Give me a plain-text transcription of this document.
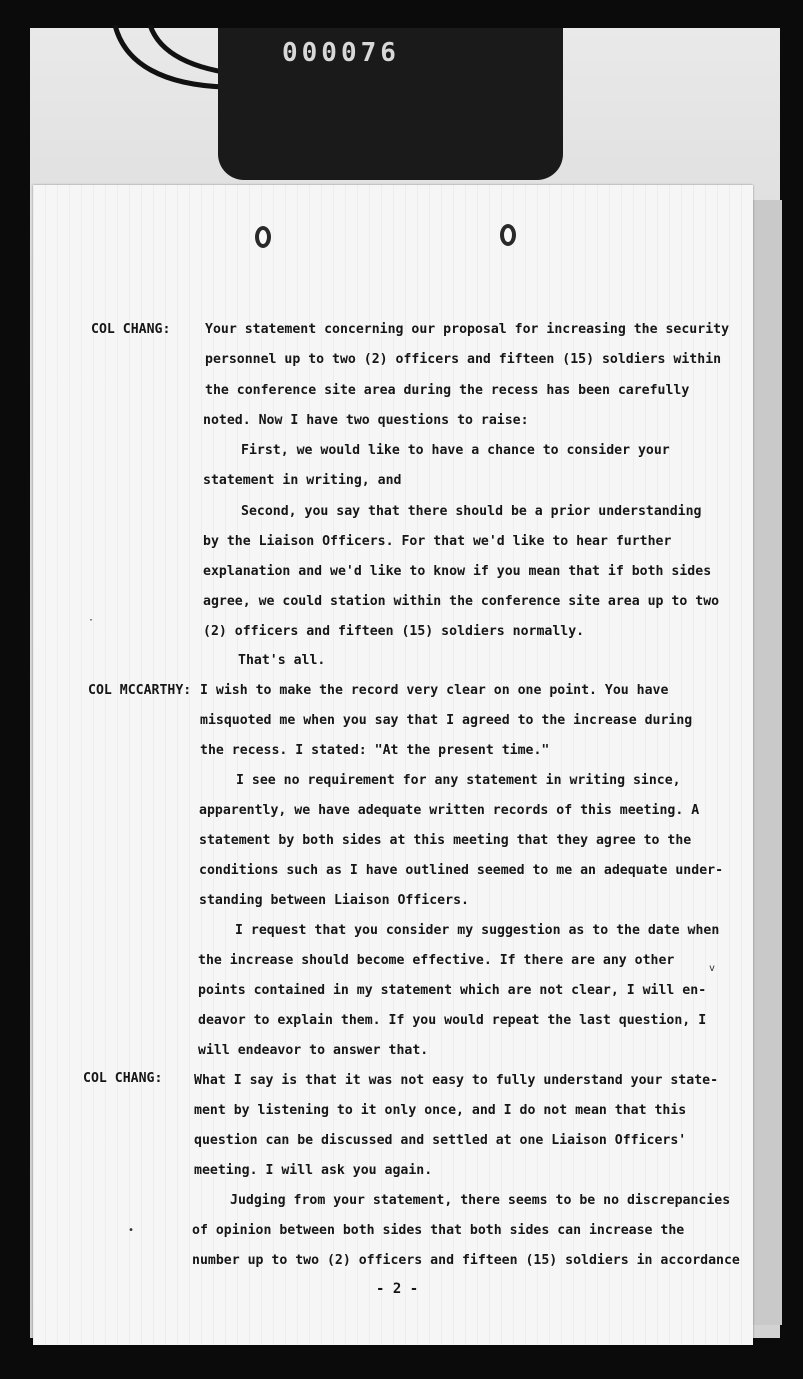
000076
COL CHANG:	Your statement concerning our proposal for increasing the security
personnel up to two (2) officers and fifteen (15) soldiers within
the conference site area during the recess has been carefully
noted. Now I have two questions to raise:
First, we would like to have a chance to consider your
statement in writing, and
Second, you say that there should be a prior understanding
by the Liaison Officers. For that we'd like to hear further
explanation and we'd like to know if you mean that if both sides
agree, we could station within the conference site area up to two
(2) officers and fifteen (15) soldiers normally.
That's all.
COL MCCARTHY: I wish to make the record very clear on one point. You have
misquoted me when you say that I agreed to the increase during
the recess. I stated: "At the present time."
I see no requirement for any statement in writing since,
apparently, we have adequate written records of this meeting. A
statement by both sides at this meeting that they agree to the
conditions such as I have outlined seemed to me an adequate under-
standing between Liaison Officers.
I request that you consider my suggestion as to the date when
the increase should become effective. If there are any other
points contained in my statement which are not clear, I will en-
deavor to explain them. If you would repeat the last question, I
will endeavor to answer that.
COL CHANG: What I say is that it was not easy to fully understand your state-
ment by listening to it only once, and I do not mean that this
question can be discussed and settled at one Liaison Officers'
meeting. I will ask you again.
Judging from your statement, there seems to be no discrepancies
of opinion between both sides that both sides can increase the
number up to two (2) officers and fifteen (15) soldiers in accordance
- 2 -
v
•
·
